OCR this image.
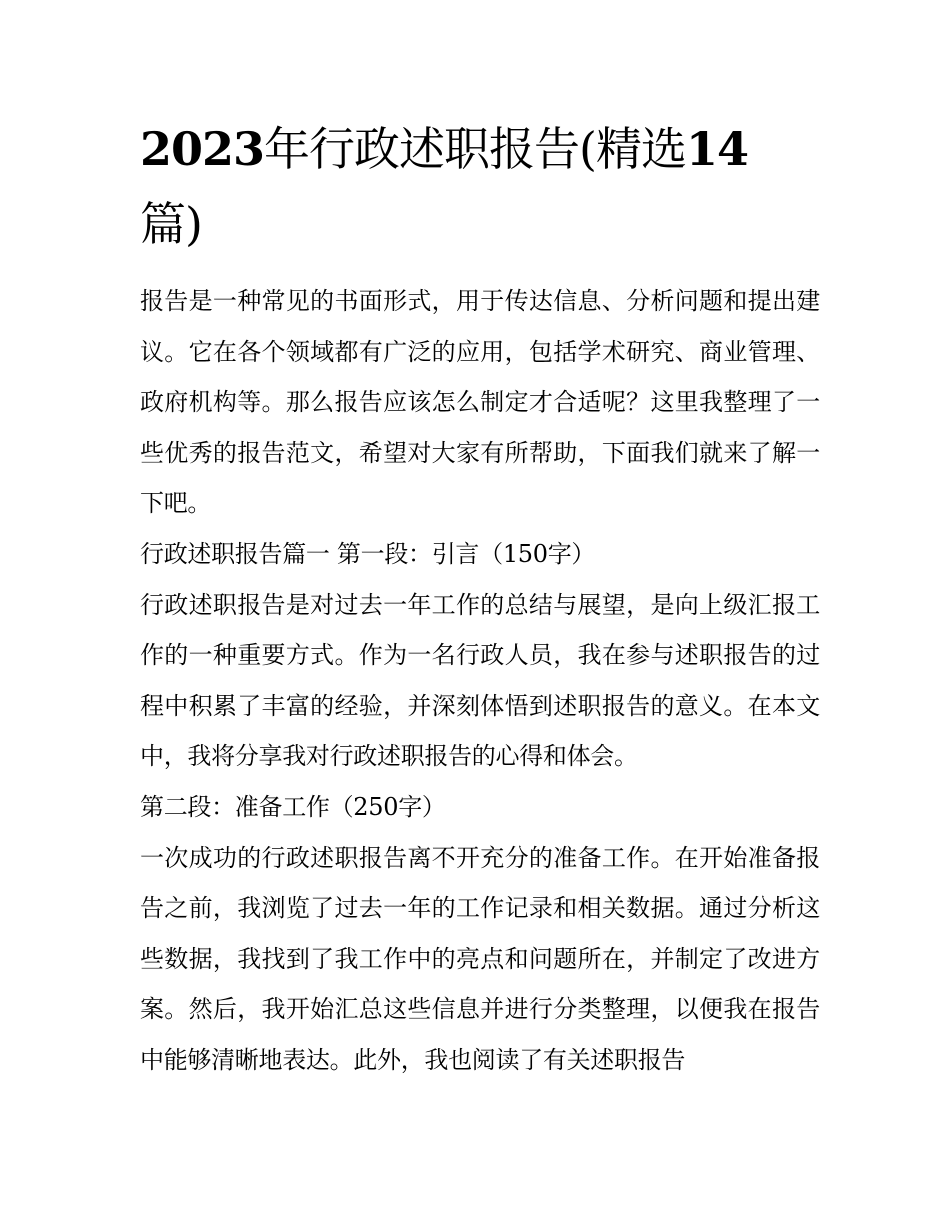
2023年行政述职报告(精选14
篇)

报告是一种常见的书面形式，用于传达信息、分析问题和提出建议。它在各个领域都有广泛的应用，包括学术研究、商业管理、政府机构等。那么报告应该怎么制定才合适呢？这里我整理了一些优秀的报告范文，希望对大家有所帮助，下面我们就来了解一下吧。

行政述职报告篇一 第一段：引言（150字）

行政述职报告是对过去一年工作的总结与展望，是向上级汇报工作的一种重要方式。作为一名行政人员，我在参与述职报告的过程中积累了丰富的经验，并深刻体悟到述职报告的意义。在本文中，我将分享我对行政述职报告的心得和体会。

第二段：准备工作（250字）

一次成功的行政述职报告离不开充分的准备工作。在开始准备报告之前，我浏览了过去一年的工作记录和相关数据。通过分析这些数据，我找到了我工作中的亮点和问题所在，并制定了改进方案。然后，我开始汇总这些信息并进行分类整理，以便我在报告中能够清晰地表达。此外，我也阅读了有关述职报告
